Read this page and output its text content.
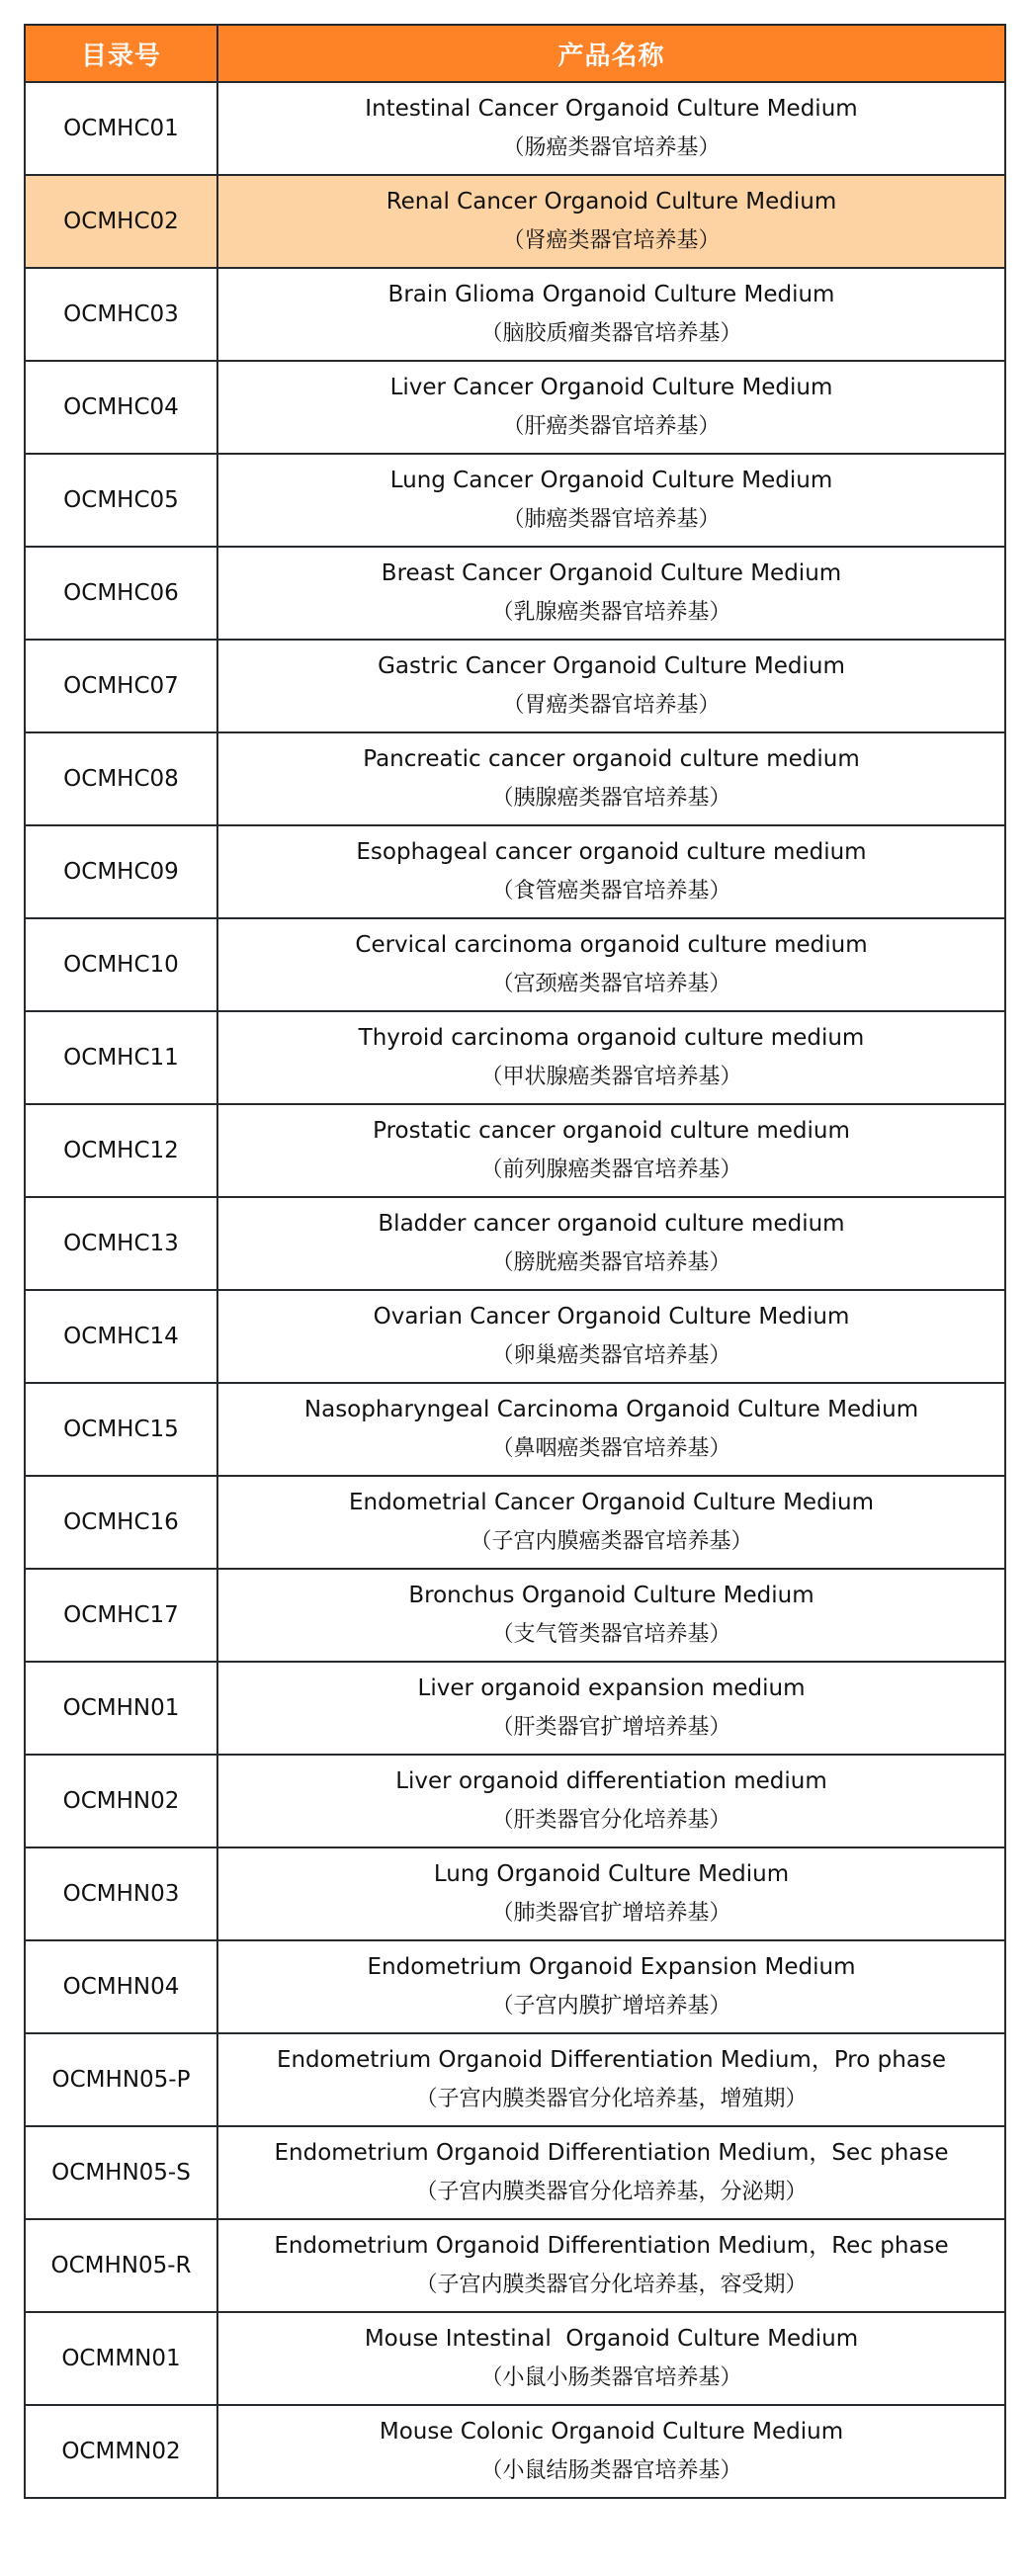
目录号	产品名称
OCMHC01	Intestinal Cancer Organoid Culture Medium
（肠癌类器官培养基）

OCMHC02	Renal Cancer Organoid Culture Medium
（肾癌类器官培养基）

OCMHC03	Brain Glioma Organoid Culture Medium
（脑胶质瘤类器官培养基）

OCMHC04	Liver Cancer Organoid Culture Medium
（肝癌类器官培养基）

OCMHC05	Lung Cancer Organoid Culture Medium
（肺癌类器官培养基）

OCMHC06	Breast Cancer Organoid Culture Medium
（乳腺癌类器官培养基）

OCMHC07	Gastric Cancer Organoid Culture Medium
（胃癌类器官培养基）

OCMHC08	Pancreatic cancer organoid culture medium
（胰腺癌类器官培养基）

OCMHC09	Esophageal cancer organoid culture medium
（食管癌类器官培养基）

OCMHC10	Cervical carcinoma organoid culture medium
（宫颈癌类器官培养基）

OCMHC11	Thyroid carcinoma organoid culture medium
（甲状腺癌类器官培养基）

OCMHC12	Prostatic cancer organoid culture medium
（前列腺癌类器官培养基）

OCMHC13	Bladder cancer organoid culture medium
（膀胱癌类器官培养基）

OCMHC14	Ovarian Cancer Organoid Culture Medium
（卵巢癌类器官培养基）

OCMHC15	Nasopharyngeal Carcinoma Organoid Culture Medium
（鼻咽癌类器官培养基）

OCMHC16	Endometrial Cancer Organoid Culture Medium
（子宫内膜癌类器官培养基）

OCMHC17	Bronchus Organoid Culture Medium
（支气管类器官培养基）

OCMHN01	Liver organoid expansion medium
（肝类器官扩增培养基）

OCMHN02	Liver organoid differentiation medium
（肝类器官分化培养基）

OCMHN03	Lung Organoid Culture Medium
（肺类器官扩增培养基）

OCMHN04	Endometrium Organoid Expansion Medium
（子宫内膜扩增培养基）

OCMHN05-P	Endometrium Organoid Differentiation Medium，Pro phase
（子宫内膜类器官分化培养基，增殖期）

OCMHN05-S	Endometrium Organoid Differentiation Medium，Sec phase
（子宫内膜类器官分化培养基，分泌期）

OCMHN05-R	Endometrium Organoid Differentiation Medium，Rec phase
（子宫内膜类器官分化培养基，容受期）

OCMMN01	Mouse Intestinal  Organoid Culture Medium
（小鼠小肠类器官培养基）

OCMMN02	Mouse Colonic Organoid Culture Medium
（小鼠结肠类器官培养基）
